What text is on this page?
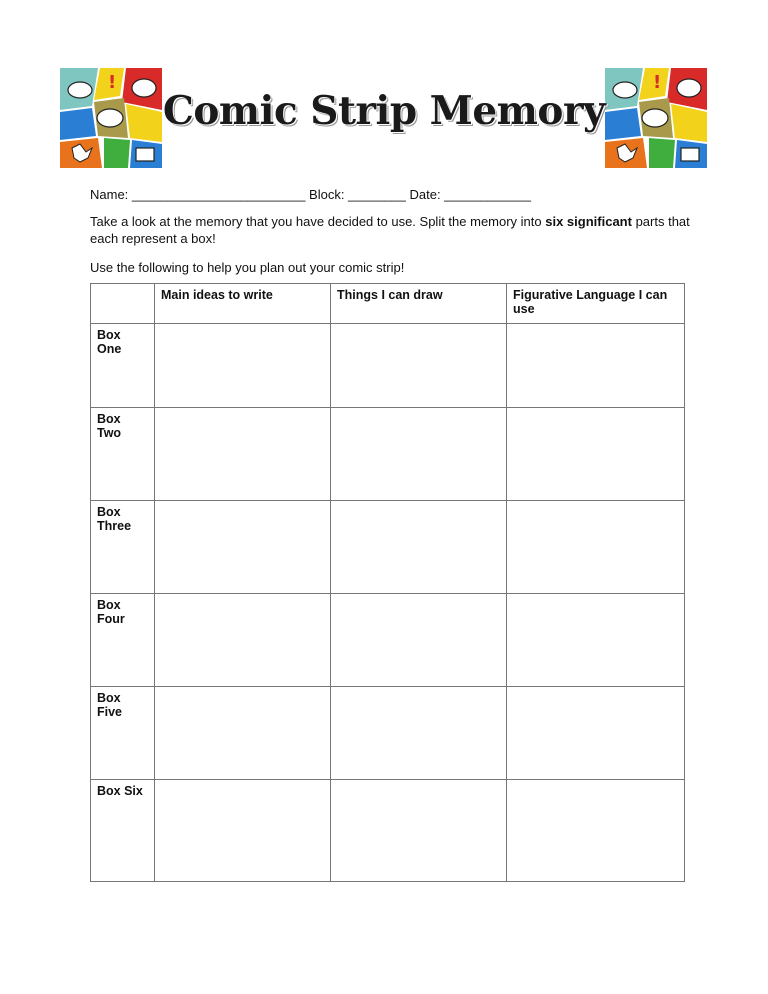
!	!
Comic Strip Memory
Name: ________________________ Block: ________ Date: ____________
Take a look at the memory that you have decided to use. Split the memory into six significant parts that each represent a box!
Use the following to help you plan out your comic strip!
	Main ideas to write	Things I can draw	Figurative Language I can use
Box One			
Box Two			
Box Three			
Box Four			
Box Five			
Box Six			
